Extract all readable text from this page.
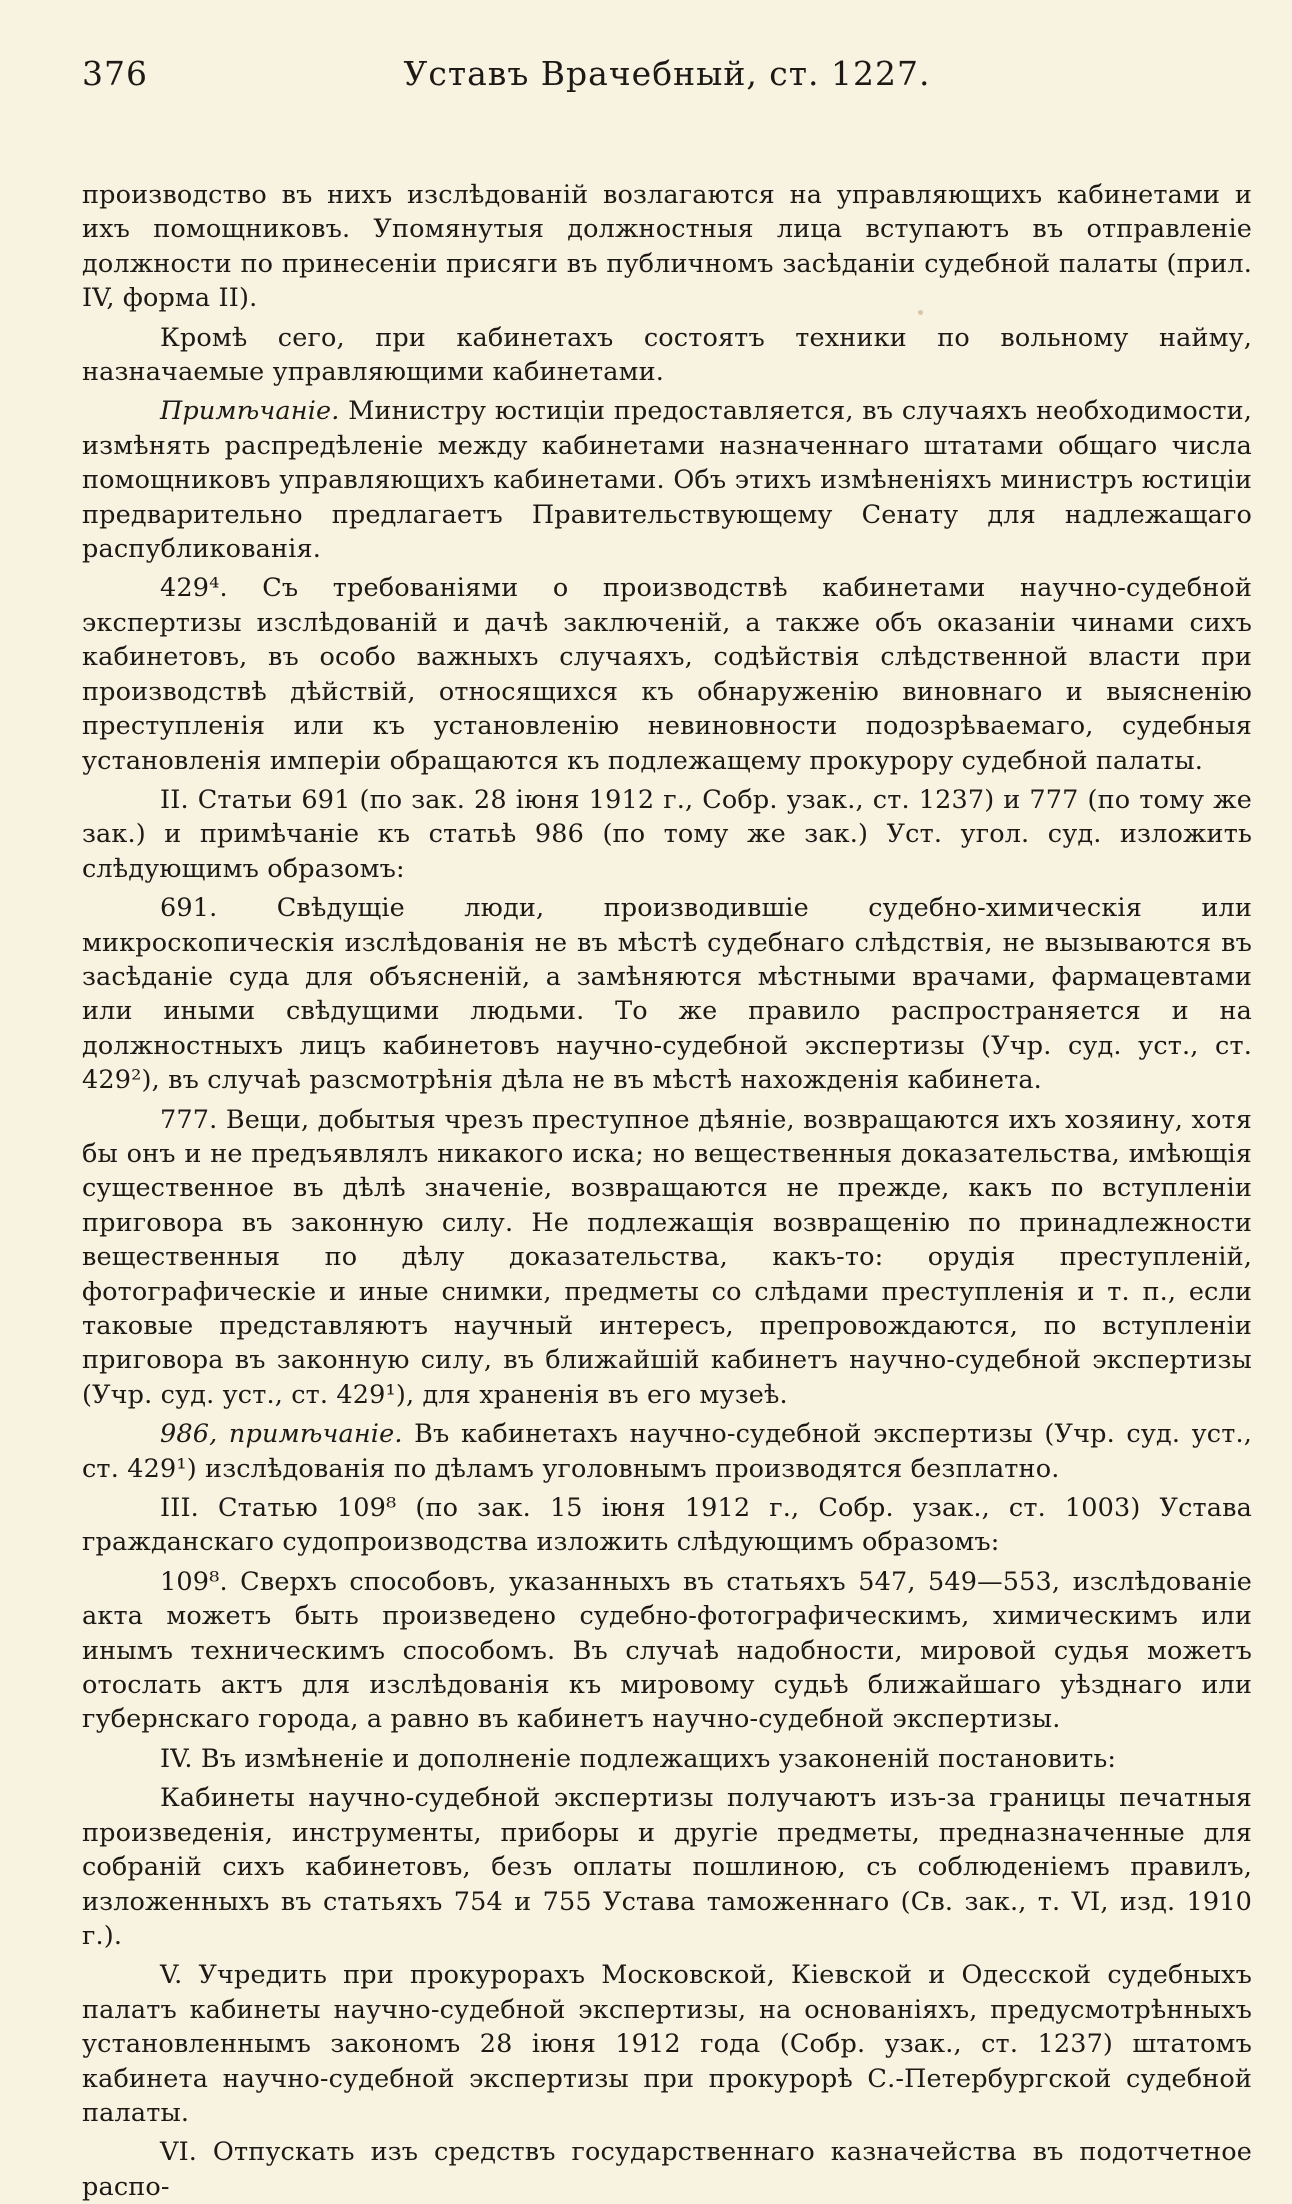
376	Уставъ Врачебный, ст. 1227.

производство въ нихъ изслѣдованій возлагаются на управляющихъ кабинетами и ихъ помощниковъ. Упомянутыя должностныя лица вступаютъ въ отправленіе должности по принесеніи присяги въ публичномъ засѣданіи судебной палаты (прил. IV, форма II).

Кромѣ сего, при кабинетахъ состоятъ техники по вольному найму, назначаемые управляющими кабинетами.

Примѣчаніе. Министру юстиціи предоставляется, въ случаяхъ необходимости, измѣнять распредѣленіе между кабинетами назначеннаго штатами общаго числа помощниковъ управляющихъ кабинетами. Объ этихъ измѣненіяхъ министръ юстиціи предварительно предлагаетъ Правительствующему Сенату для надлежащаго распубликованія.

429⁴. Съ требованіями о производствѣ кабинетами научно-судебной экспертизы изслѣдованій и дачѣ заключеній, а также объ оказаніи чинами сихъ кабинетовъ, въ особо важныхъ случаяхъ, содѣйствія слѣдственной власти при производствѣ дѣйствій, относящихся къ обнаруженію виновнаго и выясненію преступленія или къ установленію невиновности подозрѣваемаго, судебныя установленія имперіи обращаются къ подлежащему прокурору судебной палаты.

II. Статьи 691 (по зак. 28 іюня 1912 г., Собр. узак., ст. 1237) и 777 (по тому же зак.) и примѣчаніе къ статьѣ 986 (по тому же зак.) Уст. угол. суд. изложить слѣдующимъ образомъ:

691. Свѣдущіе люди, производившіе судебно-химическія или микроскопическія изслѣдованія не въ мѣстѣ судебнаго слѣдствія, не вызываются въ засѣданіе суда для объясненій, а замѣняются мѣстными врачами, фармацевтами или иными свѣдущими людьми. То же правило распространяется и на должностныхъ лицъ кабинетовъ научно-судебной экспертизы (Учр. суд. уст., ст. 429²), въ случаѣ разсмотрѣнія дѣла не въ мѣстѣ нахожденія кабинета.

777. Вещи, добытыя чрезъ преступное дѣяніе, возвращаются ихъ хозяину, хотя бы онъ и не предъявлялъ никакого иска; но вещественныя доказательства, имѣющія существенное въ дѣлѣ значеніе, возвращаются не прежде, какъ по вступленіи приговора въ законную силу. Не подлежащія возвращенію по принадлежности вещественныя по дѣлу доказательства, какъ-то: орудія преступленій, фотографическіе и иные снимки, предметы со слѣдами преступленія и т. п., если таковые представляютъ научный интересъ, препровождаются, по вступленіи приговора въ законную силу, въ ближайшій кабинетъ научно-судебной экспертизы (Учр. суд. уст., ст. 429¹), для храненія въ его музеѣ.

986, примѣчаніе. Въ кабинетахъ научно-судебной экспертизы (Учр. суд. уст., ст. 429¹) изслѣдованія по дѣламъ уголовнымъ производятся безплатно.

III. Статью 109⁸ (по зак. 15 іюня 1912 г., Собр. узак., ст. 1003) Устава гражданскаго судопроизводства изложить слѣдующимъ образомъ:

109⁸. Сверхъ способовъ, указанныхъ въ статьяхъ 547, 549—553, изслѣдованіе акта можетъ быть произведено судебно-фотографическимъ, химическимъ или инымъ техническимъ способомъ. Въ случаѣ надобности, мировой судья можетъ отослать актъ для изслѣдованія къ мировому судьѣ ближайшаго уѣзднаго или губернскаго города, а равно въ кабинетъ научно-судебной экспертизы.

IV. Въ измѣненіе и дополненіе подлежащихъ узаконеній постановить:

Кабинеты научно-судебной экспертизы получаютъ изъ-за границы печатныя произведенія, инструменты, приборы и другіе предметы, предназначенные для собраній сихъ кабинетовъ, безъ оплаты пошлиною, съ соблюденіемъ правилъ, изложенныхъ въ статьяхъ 754 и 755 Устава таможеннаго (Св. зак., т. VI, изд. 1910 г.).

V. Учредить при прокурорахъ Московской, Кіевской и Одесской судебныхъ палатъ кабинеты научно-судебной экспертизы, на основаніяхъ, предусмотрѣнныхъ установленнымъ закономъ 28 іюня 1912 года (Собр. узак., ст. 1237) штатомъ кабинета научно-судебной экспертизы при прокурорѣ С.-Петербургской судебной палаты.

VI. Отпускать изъ средствъ государственнаго казначейства въ подотчетное распо-
